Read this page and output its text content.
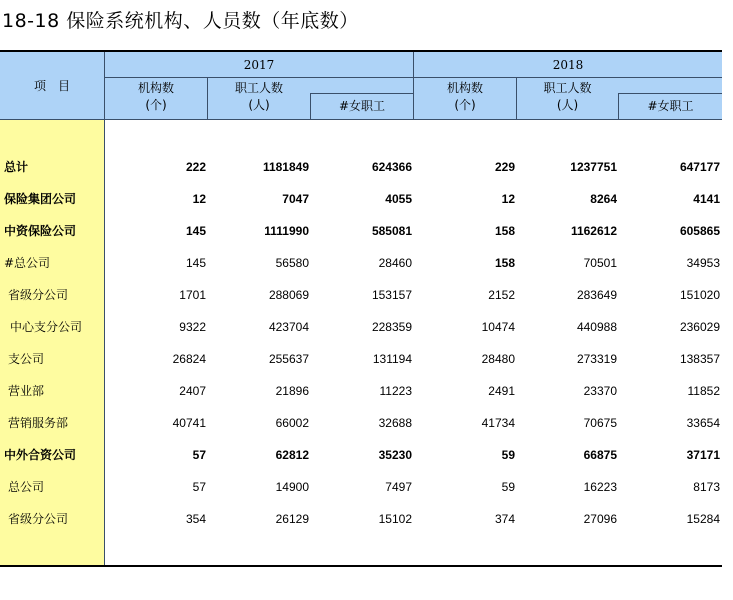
18-18 保险系统机构、人员数（年底数）
项　目
2017	2018
机构数
(个)
职工人数
(人)	#女职工
机构数
(个)
职工人数
(人)	#女职工
总计	222	1181849	624366	229	1237751	647177
保险集团公司	12	7047	4055	12	8264	4141
中资保险公司	145	1111990	585081	158	1162612	605865
#总公司	145	56580	28460	158	70501	34953
省级分公司	1701	288069	153157	2152	283649	151020
中心支分公司	9322	423704	228359	10474	440988	236029
支公司	26824	255637	131194	28480	273319	138357
营业部	2407	21896	11223	2491	23370	11852
营销服务部	40741	66002	32688	41734	70675	33654
中外合资公司	57	62812	35230	59	66875	37171
总公司	57	14900	7497	59	16223	8173
省级分公司	354	26129	15102	374	27096	15284
